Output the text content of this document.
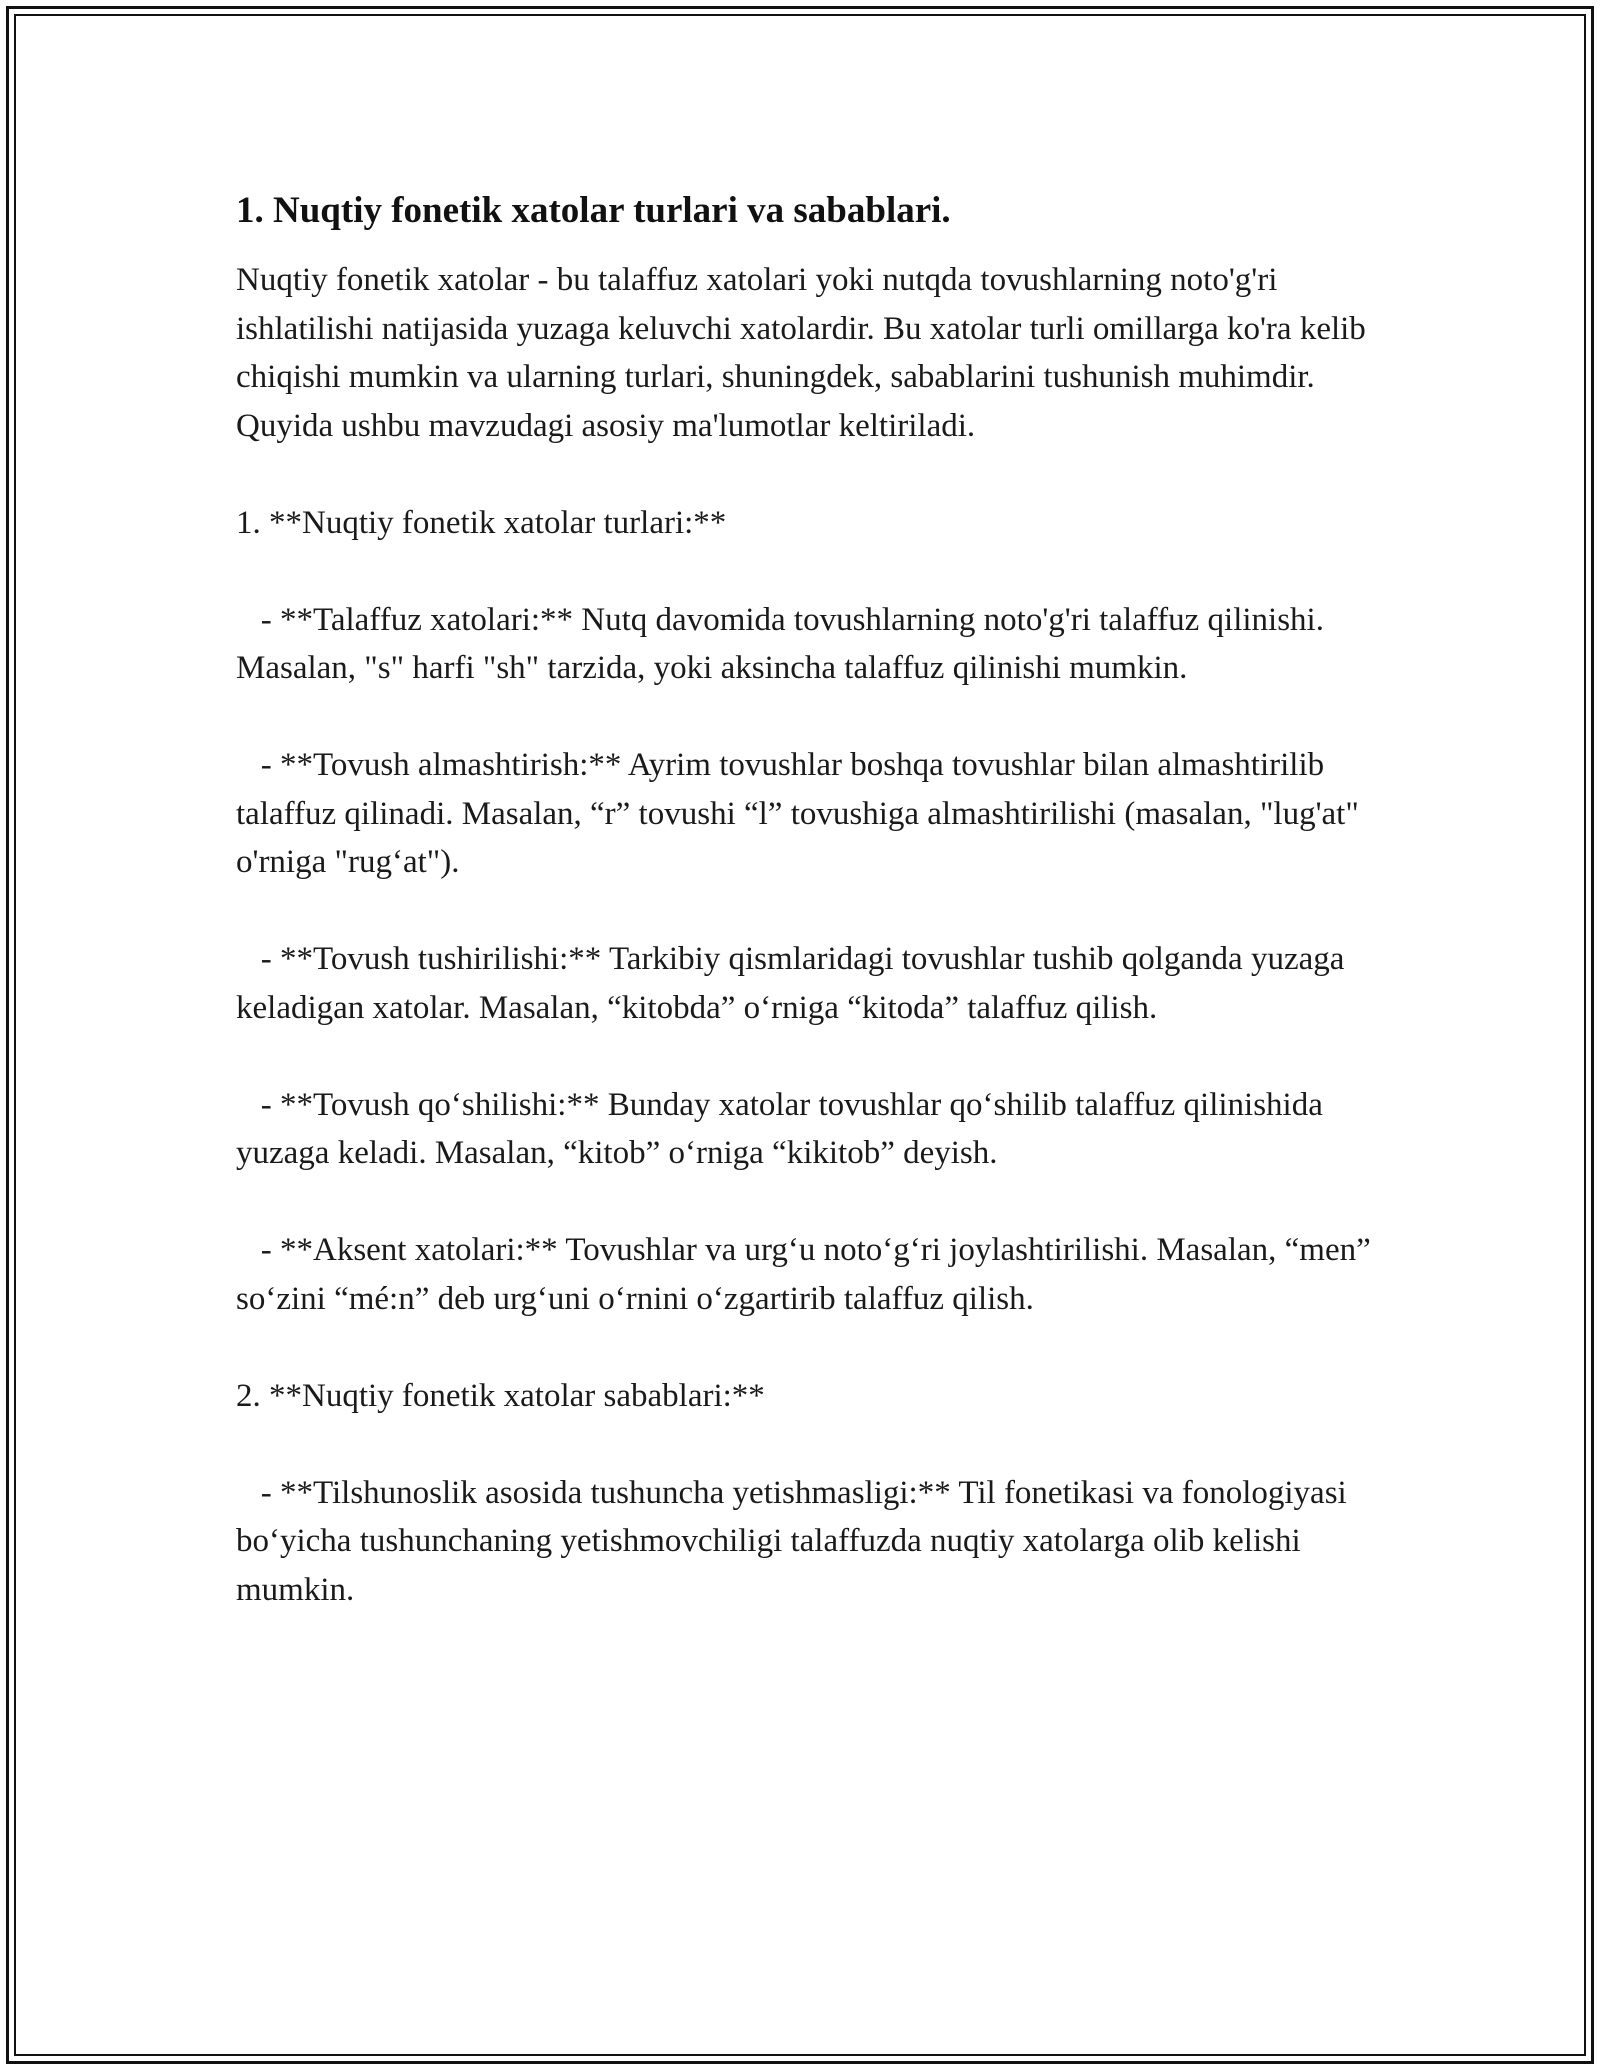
1. Nuqtiy fonetik xatolar turlari va sabablari.

Nuqtiy fonetik xatolar - bu talaffuz xatolari yoki nutqda tovushlarning noto'g'ri ishlatilishi natijasida yuzaga keluvchi xatolardir. Bu xatolar turli omillarga ko'ra kelib chiqishi mumkin va ularning turlari, shuningdek, sabablarini tushunish muhimdir. Quyida ushbu mavzudagi asosiy ma'lumotlar keltiriladi.

1. **Nuqtiy fonetik xatolar turlari:**

- **Talaffuz xatolari:** Nutq davomida tovushlarning noto'g'ri talaffuz qilinishi. Masalan, "s" harfi "sh" tarzida, yoki aksincha talaffuz qilinishi mumkin.

- **Tovush almashtirish:** Ayrim tovushlar boshqa tovushlar bilan almashtirilib talaffuz qilinadi. Masalan, “r” tovushi “l” tovushiga almashtirilishi (masalan, "lug'at" o'rniga "rug‘at").

- **Tovush tushirilishi:** Tarkibiy qismlaridagi tovushlar tushib qolganda yuzaga keladigan xatolar. Masalan, “kitobda” o‘rniga “kitoda” talaffuz qilish.

- **Tovush qo‘shilishi:** Bunday xatolar tovushlar qo‘shilib talaffuz qilinishida yuzaga keladi. Masalan, “kitob” o‘rniga “kikitob” deyish.

- **Aksent xatolari:** Tovushlar va urg‘u noto‘g‘ri joylashtirilishi. Masalan, “men” so‘zini “mé:n” deb urg‘uni o‘rnini o‘zgartirib talaffuz qilish.

2. **Nuqtiy fonetik xatolar sabablari:**

- **Tilshunoslik asosida tushuncha yetishmasligi:** Til fonetikasi va fonologiyasi bo‘yicha tushunchaning yetishmovchiligi talaffuzda nuqtiy xatolarga olib kelishi mumkin.
